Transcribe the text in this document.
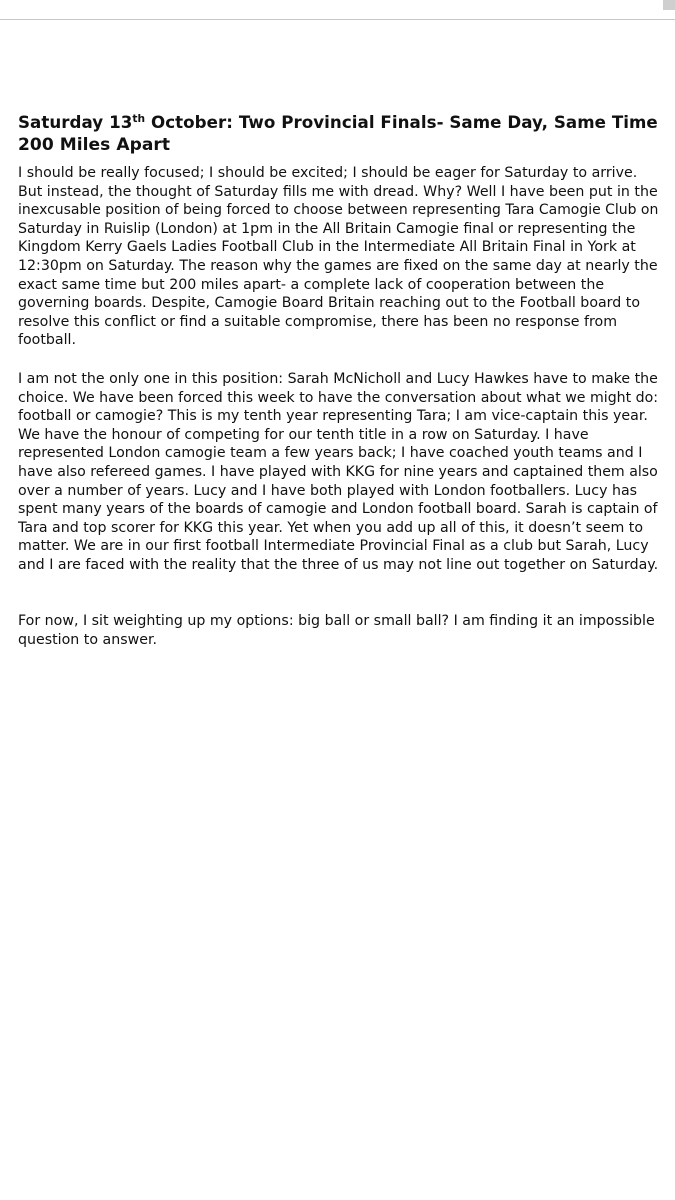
Saturday 13th October: Two Provincial Finals- Same Day, Same Time
200 Miles Apart

I should be really focused; I should be excited; I should be eager for Saturday to arrive.
But instead, the thought of Saturday fills me with dread. Why? Well I have been put in the
inexcusable position of being forced to choose between representing Tara Camogie Club on
Saturday in Ruislip (London) at 1pm in the All Britain Camogie final or representing the
Kingdom Kerry Gaels Ladies Football Club in the Intermediate All Britain Final in York at
12:30pm on Saturday. The reason why the games are fixed on the same day at nearly the
exact same time but 200 miles apart- a complete lack of cooperation between the
governing boards. Despite, Camogie Board Britain reaching out to the Football board to
resolve this conflict or find a suitable compromise, there has been no response from
football.

I am not the only one in this position: Sarah McNicholl and Lucy Hawkes have to make the
choice. We have been forced this week to have the conversation about what we might do:
football or camogie? This is my tenth year representing Tara; I am vice-captain this year.
We have the honour of competing for our tenth title in a row on Saturday. I have
represented London camogie team a few years back; I have coached youth teams and I
have also refereed games. I have played with KKG for nine years and captained them also
over a number of years. Lucy and I have both played with London footballers. Lucy has
spent many years of the boards of camogie and London football board. Sarah is captain of
Tara and top scorer for KKG this year. Yet when you add up all of this, it doesn’t seem to
matter. We are in our first football Intermediate Provincial Final as a club but Sarah, Lucy
and I are faced with the reality that the three of us may not line out together on Saturday.

For now, I sit weighting up my options: big ball or small ball? I am finding it an impossible
question to answer.
